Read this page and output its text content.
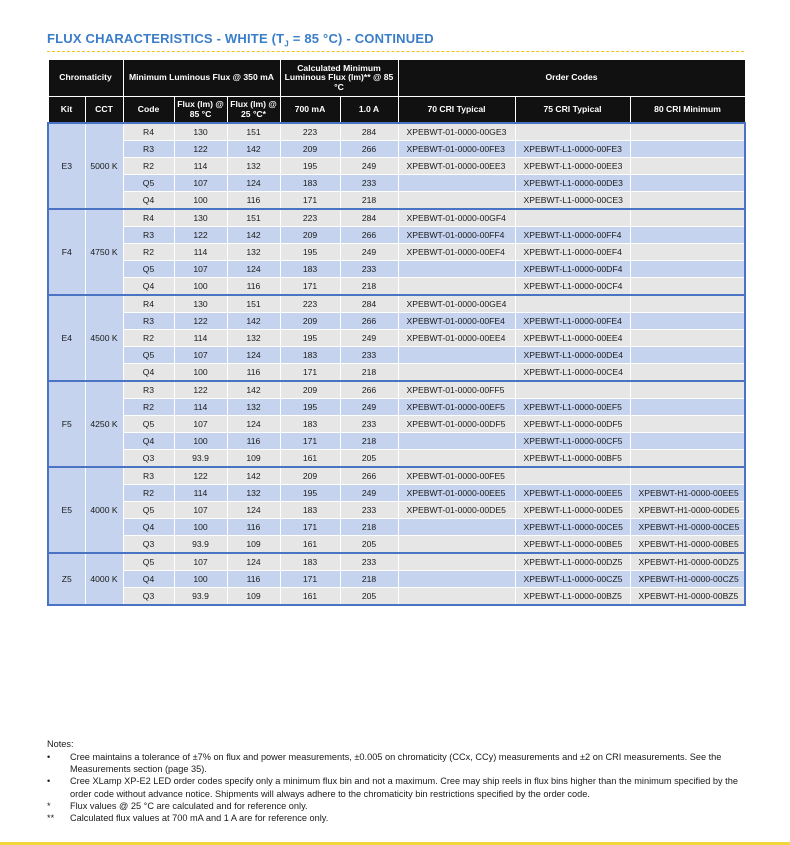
FLUX CHARACTERISTICS - WHITE ($T_J = 85$ °C) - CONTINUED
Chromaticity		Minimum Luminous Flux @ 350 mA			Calculated Minimum Luminous Flux (lm)** @ 85 °C		Order Codes		
Kit	CCT	Code	Flux (lm) @ 85 °C	Flux (lm) @ 25 °C*	700 mA	1.0 A	70 CRI Typical	75 CRI Typical	80 CRI Minimum
E3	5000 K	R4	130	151	223	284	XPEBWT-01-0000-00GE3		
		R3	122	142	209	266	XPEBWT-01-0000-00FE3	XPEBWT-L1-0000-00FE3	
		R2	114	132	195	249	XPEBWT-01-0000-00EE3	XPEBWT-L1-0000-00EE3	
		Q5	107	124	183	233		XPEBWT-L1-0000-00DE3	
		Q4	100	116	171	218		XPEBWT-L1-0000-00CE3	
F4	4750 K	R4	130	151	223	284	XPEBWT-01-0000-00GF4		
		R3	122	142	209	266	XPEBWT-01-0000-00FF4	XPEBWT-L1-0000-00FF4	
		R2	114	132	195	249	XPEBWT-01-0000-00EF4	XPEBWT-L1-0000-00EF4	
		Q5	107	124	183	233		XPEBWT-L1-0000-00DF4	
		Q4	100	116	171	218		XPEBWT-L1-0000-00CF4	
E4	4500 K	R4	130	151	223	284	XPEBWT-01-0000-00GE4		
		R3	122	142	209	266	XPEBWT-01-0000-00FE4	XPEBWT-L1-0000-00FE4	
		R2	114	132	195	249	XPEBWT-01-0000-00EE4	XPEBWT-L1-0000-00EE4	
		Q5	107	124	183	233		XPEBWT-L1-0000-00DE4	
		Q4	100	116	171	218		XPEBWT-L1-0000-00CE4	
F5	4250 K	R3	122	142	209	266	XPEBWT-01-0000-00FF5		
		R2	114	132	195	249	XPEBWT-01-0000-00EF5	XPEBWT-L1-0000-00EF5	
		Q5	107	124	183	233	XPEBWT-01-0000-00DF5	XPEBWT-L1-0000-00DF5	
		Q4	100	116	171	218		XPEBWT-L1-0000-00CF5	
		Q3	93.9	109	161	205		XPEBWT-L1-0000-00BF5	
E5	4000 K	R3	122	142	209	266	XPEBWT-01-0000-00FE5		
		R2	114	132	195	249	XPEBWT-01-0000-00EE5	XPEBWT-L1-0000-00EE5	XPEBWT-H1-0000-00EE5
		Q5	107	124	183	233	XPEBWT-01-0000-00DE5	XPEBWT-L1-0000-00DE5	XPEBWT-H1-0000-00DE5
		Q4	100	116	171	218		XPEBWT-L1-0000-00CE5	XPEBWT-H1-0000-00CE5
		Q3	93.9	109	161	205		XPEBWT-L1-0000-00BE5	XPEBWT-H1-0000-00BE5
Z5	4000 K	Q5	107	124	183	233		XPEBWT-L1-0000-00DZ5	XPEBWT-H1-0000-00DZ5
		Q4	100	116	171	218		XPEBWT-L1-0000-00CZ5	XPEBWT-H1-0000-00CZ5
		Q3	93.9	109	161	205		XPEBWT-L1-0000-00BZ5	XPEBWT-H1-0000-00BZ5
Notes:
•	Cree maintains a tolerance of ±7% on flux and power measurements, ±0.005 on chromaticity (CCx, CCy) measurements and ±2 on CRI measurements. See the Measurements section (page 35).
•	Cree XLamp XP-E2 LED order codes specify only a minimum flux bin and not a maximum. Cree may ship reels in flux bins higher than the minimum specified by the order code without advance notice. Shipments will always adhere to the chromaticity bin restrictions specified by the order code.
*	Flux values @ 25 °C are calculated and for reference only.
**	Calculated flux values at 700 mA and 1 A are for reference only.
